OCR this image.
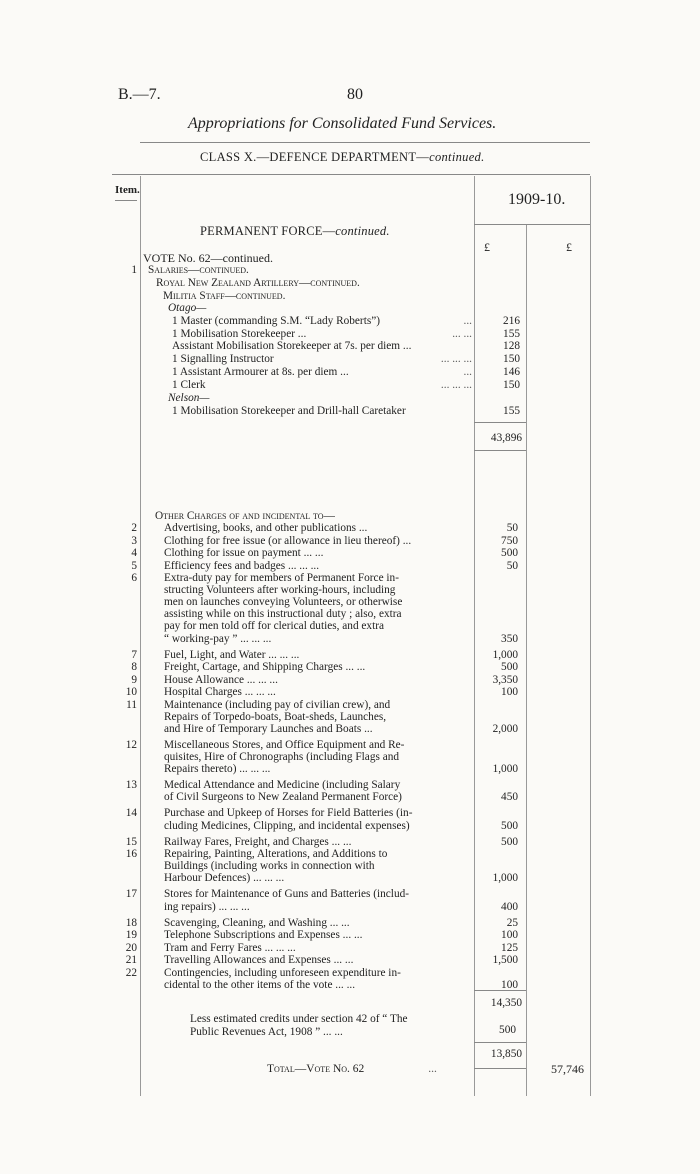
B.—7.	80
Appropriations for Consolidated Fund Services.
CLASS X.—DEFENCE DEPARTMENT—continued.
Item.
1909-10.
PERMANENT FORCE—continued.
£	£
VOTE No. 62—continued.
1 Salaries—continued.
Royal New Zealand Artillery—continued.
Militia Staff—continued.
Otago—
1 Master (commanding S.M. “Lady Roberts”)	...	216
1 Mobilisation Storekeeper ...	... ...	155
Assistant Mobilisation Storekeeper at 7s. per diem ...	128
1 Signalling Instructor	... ... ...	150
1 Assistant Armourer at 8s. per diem ...	...	146
1 Clerk	... ... ...	150
Nelson—
1 Mobilisation Storekeeper and Drill-hall Caretaker	155
43,896
Other Charges of and incidental to—
2 Advertising, books, and other publications ...	50
3 Clothing for free issue (or allowance in lieu thereof) ...	750
4 Clothing for issue on payment ... ...	500
5 Efficiency fees and badges ... ... ...	50
6 Extra-duty pay for members of Permanent Force in-
structing Volunteers after working-hours, including
men on launches conveying Volunteers, or otherwise
assisting while on this instructional duty ; also, extra
pay for men told off for clerical duties, and extra
“ working-pay ” ... ... ...	350
7 Fuel, Light, and Water ... ... ...	1,000
8 Freight, Cartage, and Shipping Charges ... ...	500
9 House Allowance ... ... ...	3,350
10 Hospital Charges ... ... ...	100
11 Maintenance (including pay of civilian crew), and
Repairs of Torpedo-boats, Boat-sheds, Launches,
and Hire of Temporary Launches and Boats ...	2,000
12 Miscellaneous Stores, and Office Equipment and Re-
quisites, Hire of Chronographs (including Flags and
Repairs thereto) ... ... ...	1,000
13 Medical Attendance and Medicine (including Salary
of Civil Surgeons to New Zealand Permanent Force)	450
14 Purchase and Upkeep of Horses for Field Batteries (in-
cluding Medicines, Clipping, and incidental expenses)	500
15 Railway Fares, Freight, and Charges ... ...	500
16 Repairing, Painting, Alterations, and Additions to
Buildings (including works in connection with
Harbour Defences) ... ... ...	1,000
17 Stores for Maintenance of Guns and Batteries (includ-
ing repairs) ... ... ...	400
18 Scavenging, Cleaning, and Washing ... ...	25
19 Telephone Subscriptions and Expenses ... ...	100
20 Tram and Ferry Fares ... ... ...	125
21 Travelling Allowances and Expenses ... ...	1,500
22 Contingencies, including unforeseen expenditure in-
cidental to the other items of the vote ... ...	100
14,350
Less estimated credits under section 42 of “ The
Public Revenues Act, 1908 ” ... ...	500
13,850
Total—Vote No. 62	...	57,746
